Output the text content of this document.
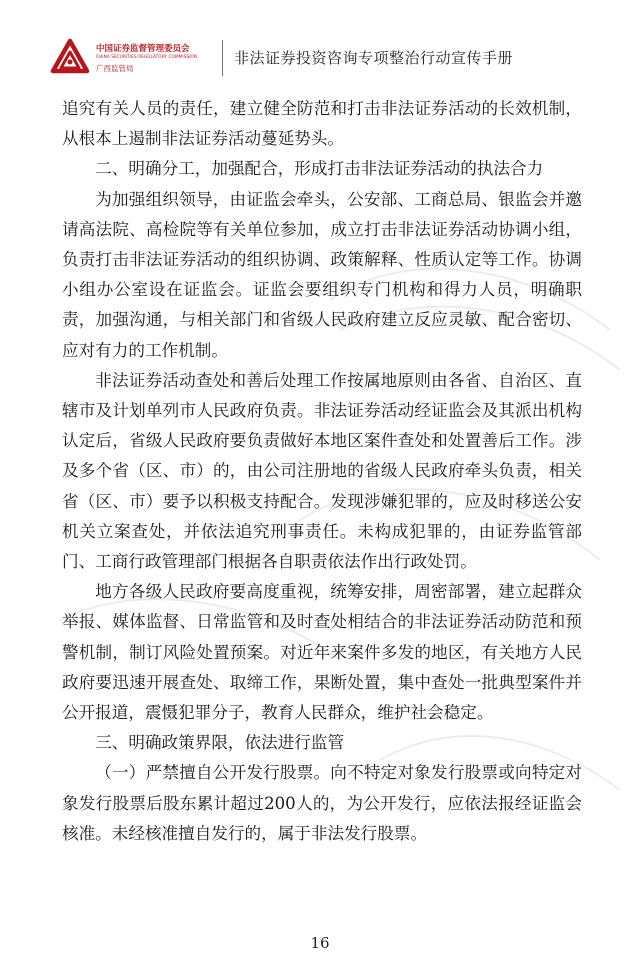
中国证券监督管理委员会
CHINA SECURITIES REGULATORY COMMISSION
广西监管局
非法证券投资咨询专项整治行动宣传手册

追究有关人员的责任，建立健全防范和打击非法证券活动的长效机制，从根本上遏制非法证券活动蔓延势头。

二、明确分工，加强配合，形成打击非法证券活动的执法合力

为加强组织领导，由证监会牵头，公安部、工商总局、银监会并邀请高法院、高检院等有关单位参加，成立打击非法证券活动协调小组，负责打击非法证券活动的组织协调、政策解释、性质认定等工作。协调小组办公室设在证监会。证监会要组织专门机构和得力人员，明确职责，加强沟通，与相关部门和省级人民政府建立反应灵敏、配合密切、应对有力的工作机制。

非法证券活动查处和善后处理工作按属地原则由各省、自治区、直辖市及计划单列市人民政府负责。非法证券活动经证监会及其派出机构认定后，省级人民政府要负责做好本地区案件查处和处置善后工作。涉及多个省（区、市）的，由公司注册地的省级人民政府牵头负责，相关省（区、市）要予以积极支持配合。发现涉嫌犯罪的，应及时移送公安机关立案查处，并依法追究刑事责任。未构成犯罪的，由证券监管部门、工商行政管理部门根据各自职责依法作出行政处罚。

地方各级人民政府要高度重视，统筹安排，周密部署，建立起群众举报、媒体监督、日常监管和及时查处相结合的非法证券活动防范和预警机制，制订风险处置预案。对近年来案件多发的地区，有关地方人民政府要迅速开展查处、取缔工作，果断处置，集中查处一批典型案件并公开报道，震慑犯罪分子，教育人民群众，维护社会稳定。

三、明确政策界限，依法进行监管

（一）严禁擅自公开发行股票。向不特定对象发行股票或向特定对象发行股票后股东累计超过200人的，为公开发行，应依法报经证监会核准。未经核准擅自发行的，属于非法发行股票。

16
